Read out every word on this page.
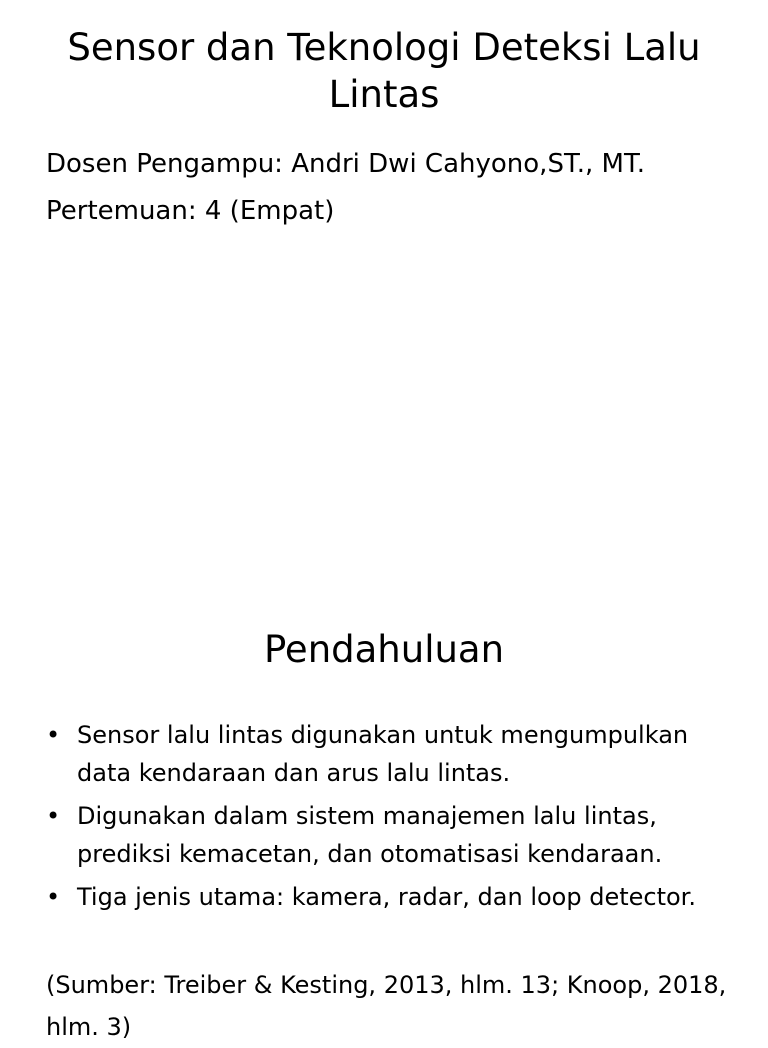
Sensor dan Teknologi Deteksi Lalu Lintas
Dosen Pengampu: Andri Dwi Cahyono,ST., MT.
Pertemuan: 4 (Empat)
Pendahuluan
• Sensor lalu lintas digunakan untuk mengumpulkan data kendaraan dan arus lalu lintas.
• Digunakan dalam sistem manajemen lalu lintas, prediksi kemacetan, dan otomatisasi kendaraan.
• Tiga jenis utama: kamera, radar, dan loop detector.
(Sumber: Treiber & Kesting, 2013, hlm. 13; Knoop, 2018, hlm. 3)
